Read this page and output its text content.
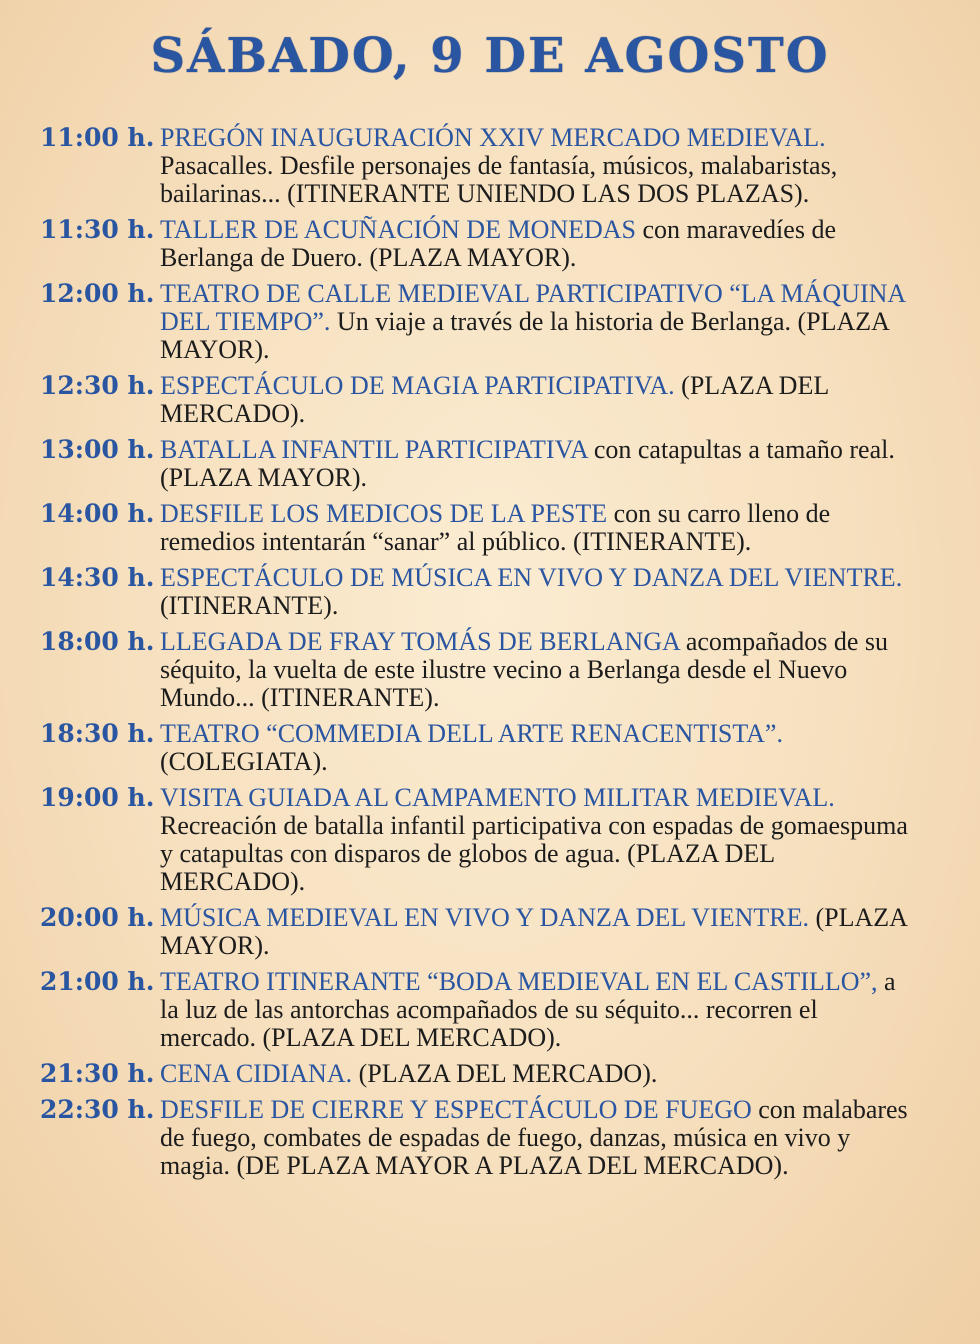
SÁBADO, 9 DE AGOSTO
11:00 h. PREGÓN INAUGURACIÓN XXIV MERCADO MEDIEVAL. Pasacalles. Desfile personajes de fantasía, músicos, malabaristas, bailarinas... (ITINERANTE UNIENDO LAS DOS PLAZAS).
11:30 h. TALLER DE ACUÑACIÓN DE MONEDAS con maravedíes de Berlanga de Duero. (PLAZA MAYOR).
12:00 h. TEATRO DE CALLE MEDIEVAL PARTICIPATIVO “LA MÁQUINA DEL TIEMPO”. Un viaje a través de la historia de Berlanga. (PLAZA MAYOR).
12:30 h. ESPECTÁCULO DE MAGIA PARTICIPATIVA. (PLAZA DEL MERCADO).
13:00 h. BATALLA INFANTIL PARTICIPATIVA con catapultas a tamaño real. (PLAZA MAYOR).
14:00 h. DESFILE LOS MEDICOS DE LA PESTE con su carro lleno de remedios intentarán “sanar” al público. (ITINERANTE).
14:30 h. ESPECTÁCULO DE MÚSICA EN VIVO Y DANZA DEL VIENTRE. (ITINERANTE).
18:00 h. LLEGADA DE FRAY TOMÁS DE BERLANGA acompañados de su séquito, la vuelta de este ilustre vecino a Berlanga desde el Nuevo Mundo... (ITINERANTE).
18:30 h. TEATRO “COMMEDIA DELL ARTE RENACENTISTA”. (COLEGIATA).
19:00 h. VISITA GUIADA AL CAMPAMENTO MILITAR MEDIEVAL. Recreación de batalla infantil participativa con espadas de gomaespuma y catapultas con disparos de globos de agua. (PLAZA DEL MERCADO).
20:00 h. MÚSICA MEDIEVAL EN VIVO Y DANZA DEL VIENTRE. (PLAZA MAYOR).
21:00 h. TEATRO ITINERANTE “BODA MEDIEVAL EN EL CASTILLO”, a la luz de las antorchas acompañados de su séquito... recorren el mercado. (PLAZA DEL MERCADO).
21:30 h. CENA CIDIANA. (PLAZA DEL MERCADO).
22:30 h. DESFILE DE CIERRE Y ESPECTÁCULO DE FUEGO con malabares de fuego, combates de espadas de fuego, danzas, música en vivo y magia. (DE PLAZA MAYOR A PLAZA DEL MERCADO).
